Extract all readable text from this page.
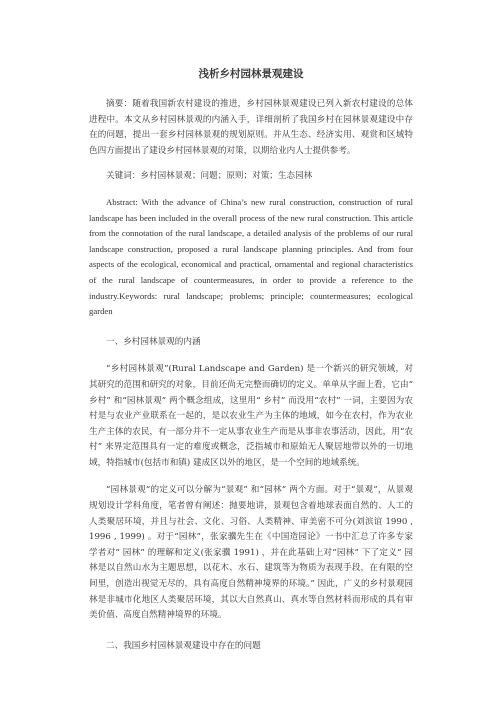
浅析乡村园林景观建设

摘要：随着我国新农村建设的推进，乡村园林景观建设已列入新农村建设的总体进程中。本文从乡村园林景观的内涵入手，详细剖析了我国乡村在园林景观建设中存在的问题，提出一套乡村园林景观的规划原则。并从生态、经济实用、观赏和区域特色四方面提出了建设乡村园林景观的对策，以期给业内人士提供参考。

关键词：乡村园林景观；问题；原则；对策；生态园林

Abstract: With the advance of China’s new rural construction, construction of rural landscape has been included in the overall process of the new rural construction. This article from the connotation of the rural landscape, a detailed analysis of the problems of our rural landscape construction, proposed a rural landscape planning principles. And from four aspects of the ecological, economical and practical, ornamental and regional characteristics of the rural landscape of countermeasures, in order to provide a reference to the industry.Keywords: rural landscape; problems; principle; countermeasures; ecological garden

一、乡村园林景观的内涵

“乡村园林景观”(Rural Landscape and Garden) 是一个新兴的研究领域，对其研究的范围和研究的对象，目前还尚无完整而确切的定义。单单从字面上看，它由“ 乡村” 和“园林景观” 两个概念组成，这里用“ 乡村” 而没用“农村” 一词，主要因为农村是与农业产业联系在一起的，是以农业生产为主体的地域，如今在农村，作为农业生产主体的农民，有一部分并不一定从事农业生产而是从事非农事活动，因此，用“农村” 来界定范围具有一定的难度或概念，泛指城市和原始无人聚居地带以外的一切地域，特指城市(包括市和镇) 建成区以外的地区，是一个空间的地域系统。

“园林景观”的定义可以分解为“景观” 和“园林” 两个方面。对于“景观”，从景观规划设计学科角度，笔者曾有阐述：抛要地讲，景观包含着地球表面自然的、人工的人类聚居环境，并且与社会、文化、习俗、人类精神、审美密不可分(刘滨谊 1990 , 1996 , 1999) 。对于“园林”，张家骥先生在《中国造园论》一书中汇总了许多专家学者对“ 园林” 的理解和定义(张家骥 1991) ，并在此基础上对“园林” 下了定义“ 园林是以自然山水为主题思想，以花木、水石、建筑等为物质为表现手段，在有限的空间里，创造出视觉无尽的，具有高度自然精神境界的环境。” 因此，广义的乡村景观园林是非城市化地区人类聚居环境，其以大自然真山、真水等自然材料而形成的具有审美价值、高度自然精神境界的环境。

二、我国乡村园林景观建设中存在的问题
